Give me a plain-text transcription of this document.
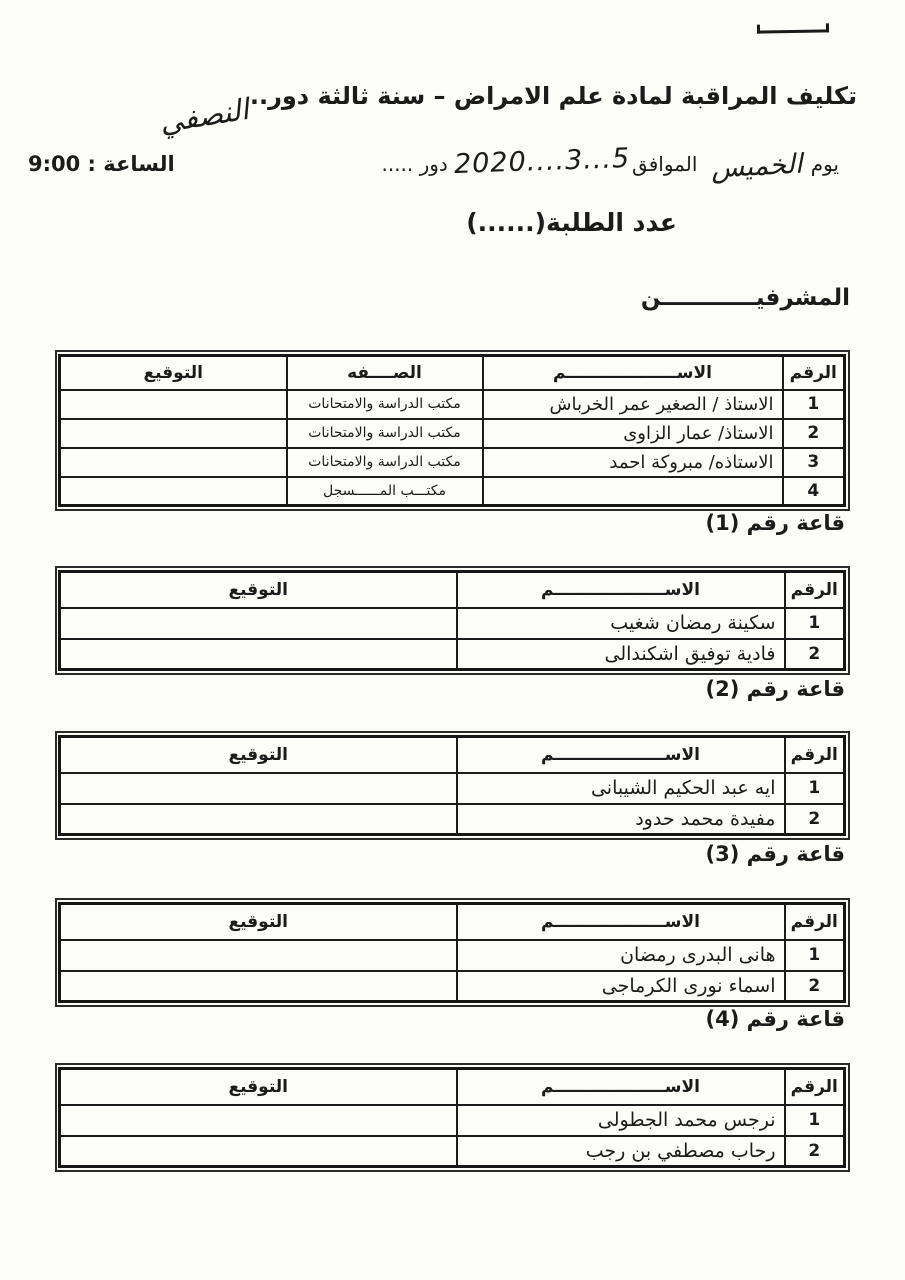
تكليف المراقبة لمادة علم الامراض – سنة ثالثة دور..
النصفي
يوم
الخميس
الموافق
5...3....2020
دور .....
الساعة : 9:00
عدد الطلبة(......)
المشرفيــــــــــــن
الرقم	الاســـــــــــــــــــم	الصــــفه	التوقيع
1	الاستاذ / الصغير عمر الخرباش	مكتب الدراسة والامتحانات	
2	الاستاذ/ عمار الزاوى	مكتب الدراسة والامتحانات	
3	الاستاذه/ مبروكة احمد	مكتب الدراسة والامتحانات	
4		مكتـــب المــــــسجل	
قاعة رقم (1)
الرقم	الاســـــــــــــــــــم	التوقيع
1	سكينة رمضان شغيب	
2	فادية توفيق اشكندالى	
قاعة رقم (2)
الرقم	الاســـــــــــــــــــم	التوقيع
1	ايه عبد الحكيم الشيبانى	
2	مفيدة محمد حدود	
قاعة رقم (3)
الرقم	الاســـــــــــــــــــم	التوقيع
1	هانى البدرى رمضان	
2	اسماء نورى الكرماجى	
قاعة رقم (4)
الرقم	الاســـــــــــــــــــم	التوقيع
1	نرجس محمد الجطولى	
2	رحاب مصطفي بن رجب	
